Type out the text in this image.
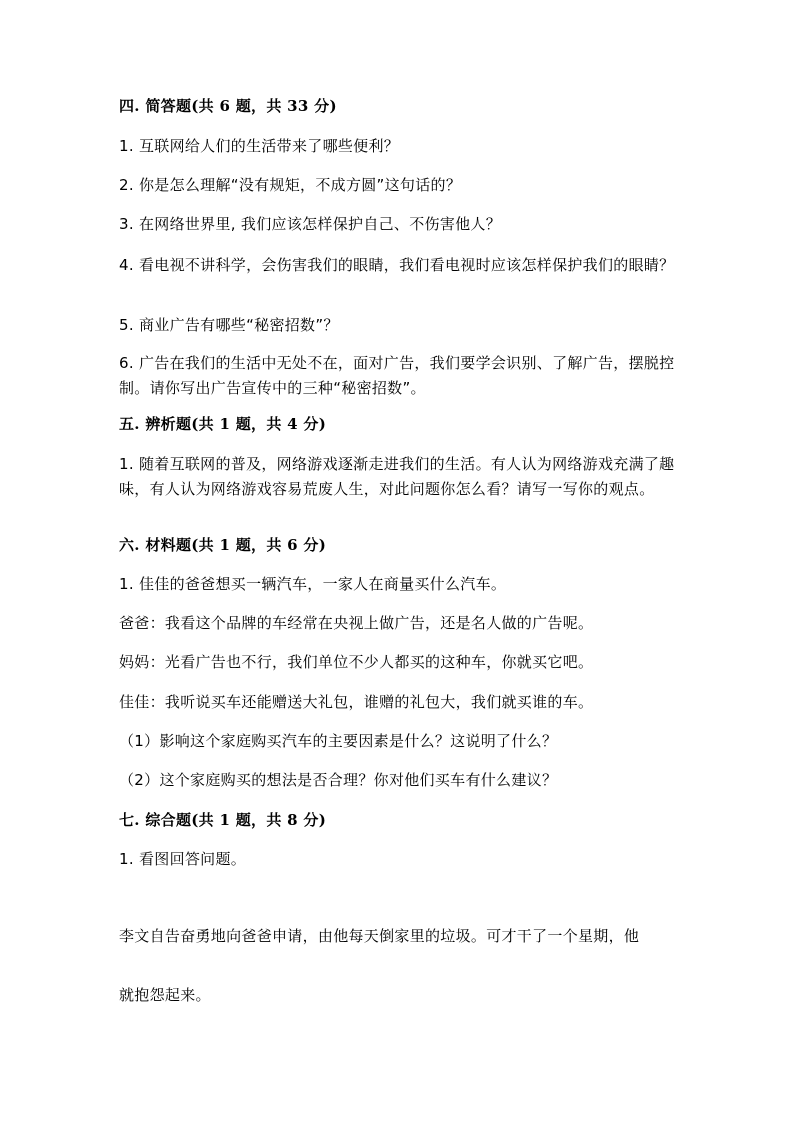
四. 简答题(共 6 题，共 33 分)
1. 互联网给人们的生活带来了哪些便利？
2. 你是怎么理解“没有规矩，不成方圆”这句话的？
3. 在网络世界里, 我们应该怎样保护自己、不伤害他人？
4. 看电视不讲科学，会伤害我们的眼睛，我们看电视时应该怎样保护我们的眼睛？
5. 商业广告有哪些“秘密招数”？
6. 广告在我们的生活中无处不在，面对广告，我们要学会识别、了解广告，摆脱控制。请你写出广告宣传中的三种“秘密招数”。
五. 辨析题(共 1 题，共 4 分)
1. 随着互联网的普及，网络游戏逐渐走进我们的生活。有人认为网络游戏充满了趣味，有人认为网络游戏容易荒废人生，对此问题你怎么看？请写一写你的观点。
六. 材料题(共 1 题，共 6 分)
1. 佳佳的爸爸想买一辆汽车，一家人在商量买什么汽车。
爸爸：我看这个品牌的车经常在央视上做广告，还是名人做的广告呢。
妈妈：光看广告也不行，我们单位不少人都买的这种车，你就买它吧。
佳佳：我听说买车还能赠送大礼包，谁赠的礼包大，我们就买谁的车。
（1）影响这个家庭购买汽车的主要因素是什么？这说明了什么？
（2）这个家庭购买的想法是否合理？你对他们买车有什么建议？
七. 综合题(共 1 题，共 8 分)
1. 看图回答问题。
李文自告奋勇地向爸爸申请，由他每天倒家里的垃圾。可才干了一个星期，他
就抱怨起来。
